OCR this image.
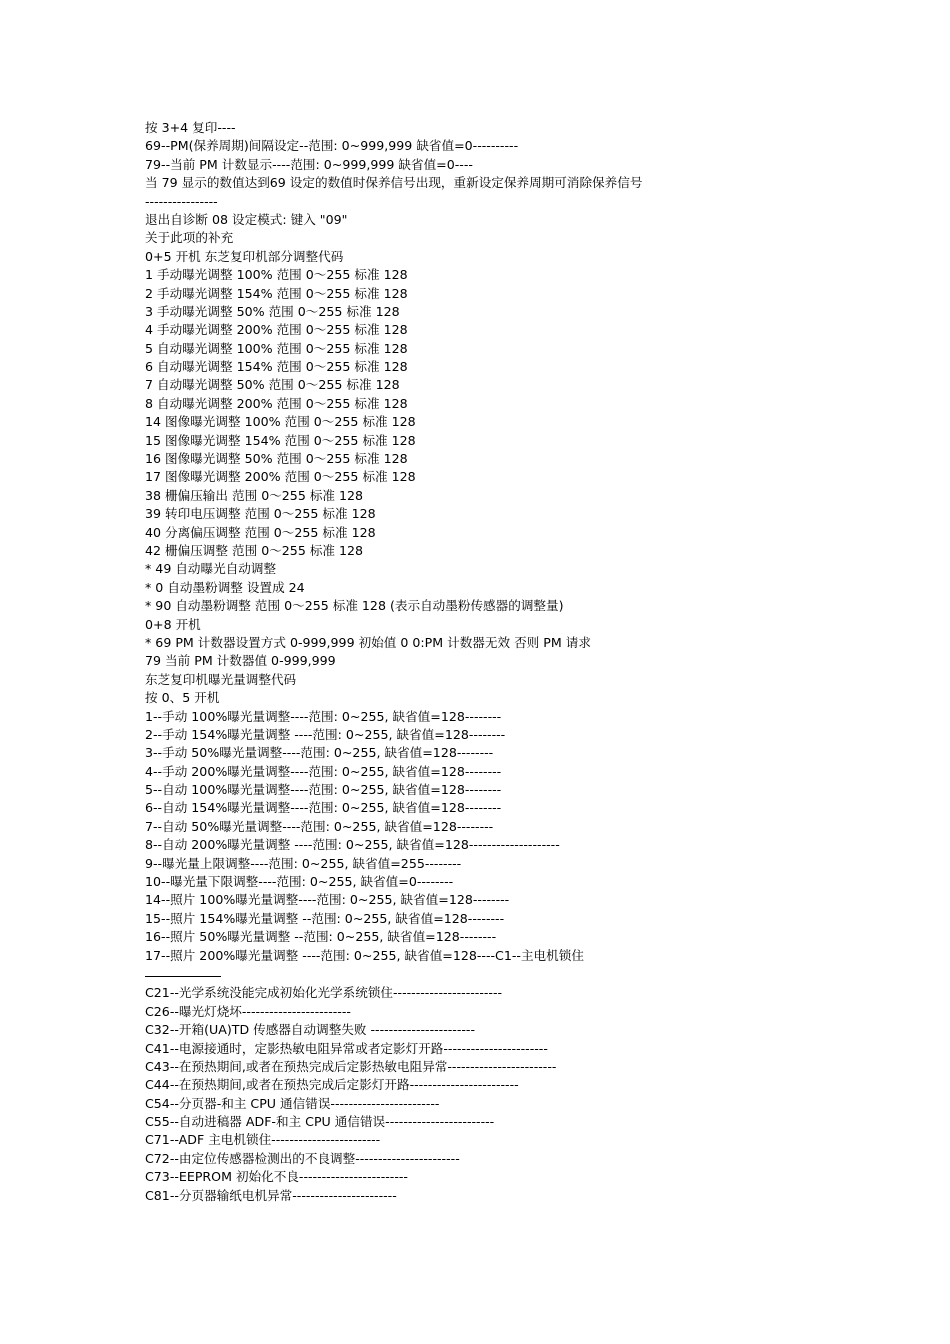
按 3+4 复印----
69--PM(保养周期)间隔设定--范围: 0~999,999 缺省值=0----------
79--当前 PM 计数显示----范围: 0~999,999 缺省值=0----
当 79 显示的数值达到69 设定的数值时保养信号出现，重新设定保养周期可消除保养信号
----------------
退出自诊断 08 设定模式: 键入 "09"
关于此项的补充
0+5 开机 东芝复印机部分调整代码
1 手动曝光调整 100% 范围 0～255 标准 128
2 手动曝光调整 154% 范围 0～255 标准 128
3 手动曝光调整 50% 范围 0～255 标准 128
4 手动曝光调整 200% 范围 0～255 标准 128
5 自动曝光调整 100% 范围 0～255 标准 128
6 自动曝光调整 154% 范围 0～255 标准 128
7 自动曝光调整 50% 范围 0～255 标准 128
8 自动曝光调整 200% 范围 0～255 标准 128
14 图像曝光调整 100% 范围 0～255 标准 128
15 图像曝光调整 154% 范围 0～255 标准 128
16 图像曝光调整 50% 范围 0～255 标准 128
17 图像曝光调整 200% 范围 0～255 标准 128
38 栅偏压输出 范围 0～255 标准 128
39 转印电压调整 范围 0～255 标准 128
40 分离偏压调整 范围 0～255 标准 128
42 栅偏压调整 范围 0～255 标准 128
* 49 自动曝光自动调整
* 0 自动墨粉调整 设置成 24
* 90 自动墨粉调整 范围 0～255 标准 128 (表示自动墨粉传感器的调整量)
0+8 开机
* 69 PM 计数器设置方式 0-999,999 初始值 0 0:PM 计数器无效 否则 PM 请求
79 当前 PM 计数器值 0-999,999
东芝复印机曝光量调整代码
按 0、5 开机
1--手动 100%曝光量调整----范围: 0~255, 缺省值=128--------
2--手动 154%曝光量调整 ----范围: 0~255, 缺省值=128--------
3--手动 50%曝光量调整----范围: 0~255, 缺省值=128--------
4--手动 200%曝光量调整----范围: 0~255, 缺省值=128--------
5--自动 100%曝光量调整----范围: 0~255, 缺省值=128--------
6--自动 154%曝光量调整----范围: 0~255, 缺省值=128--------
7--自动 50%曝光量调整----范围: 0~255, 缺省值=128--------
8--自动 200%曝光量调整 ----范围: 0~255, 缺省值=128--------------------
9--曝光量上限调整----范围: 0~255, 缺省值=255--------
10--曝光量下限调整----范围: 0~255, 缺省值=0--------
14--照片 100%曝光量调整----范围: 0~255, 缺省值=128--------
15--照片 154%曝光量调整 --范围: 0~255, 缺省值=128--------
16--照片 50%曝光量调整 --范围: 0~255, 缺省值=128--------
17--照片 200%曝光量调整 ----范围: 0~255, 缺省值=128----C1--主电机锁住
C21--光学系统没能完成初始化光学系统锁住------------------------
C26--曝光灯烧坏------------------------
C32--开箱(UA)TD 传感器自动调整失败 -----------------------
C41--电源接通时，定影热敏电阻异常或者定影灯开路-----------------------
C43--在预热期间,或者在预热完成后定影热敏电阻异常------------------------
C44--在预热期间,或者在预热完成后定影灯开路------------------------
C54--分页器-和主 CPU 通信错误------------------------
C55--自动进稿器 ADF-和主 CPU 通信错误------------------------
C71--ADF 主电机锁住------------------------
C72--由定位传感器检测出的不良调整-----------------------
C73--EEPROM 初始化不良------------------------
C81--分页器输纸电机异常-----------------------
